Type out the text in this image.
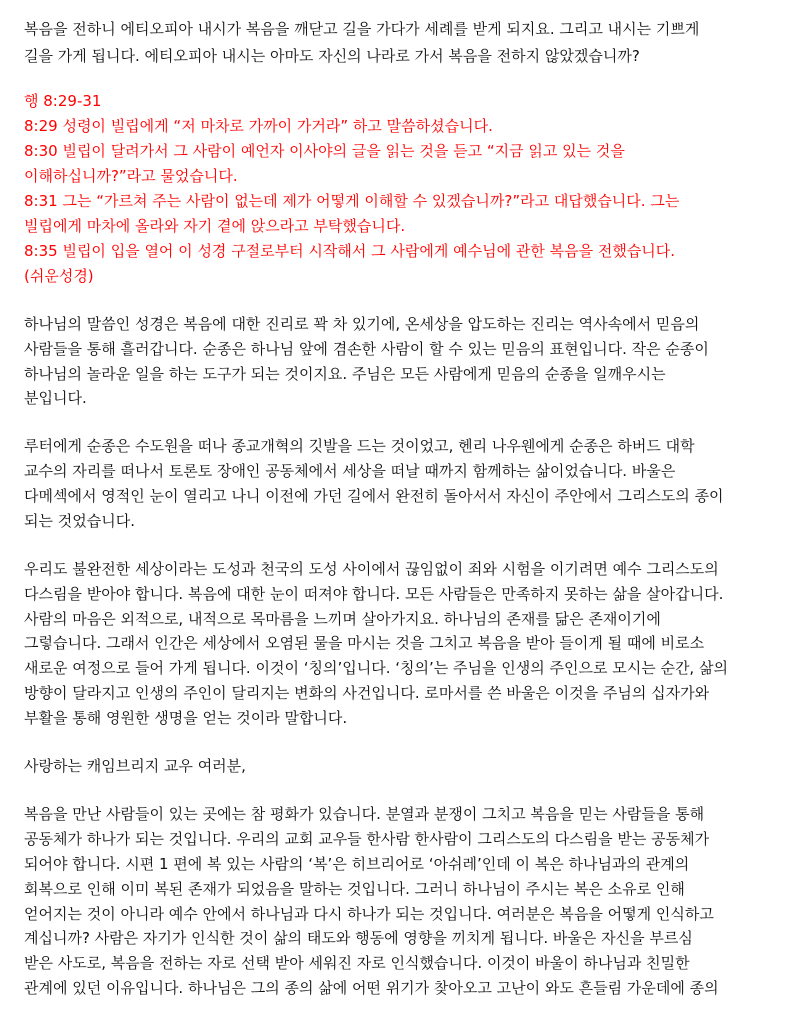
복음을 전하니 에티오피아 내시가 복음을 깨닫고 길을 가다가 세례를 받게 되지요. 그리고 내시는 기쁘게

길을 가게 됩니다. 에티오피아 내시는 아마도 자신의 나라로 가서 복음을 전하지 않았겠습니까?

행 8:29-31

8:29 성령이 빌립에게 “저 마차로 가까이 가거라” 하고 말씀하셨습니다.

8:30 빌립이 달려가서 그 사람이 예언자 이사야의 글을 읽는 것을 듣고 “지금 읽고 있는 것을

이해하십니까?”라고 물었습니다.

8:31 그는 “가르쳐 주는 사람이 없는데 제가 어떻게 이해할 수 있겠습니까?”라고 대답했습니다. 그는

빌립에게 마차에 올라와 자기 곁에 앉으라고 부탁했습니다.

8:35 빌립이 입을 열어 이 성경 구절로부터 시작해서 그 사람에게 예수님에 관한 복음을 전했습니다.

(쉬운성경)

하나님의 말씀인 성경은 복음에 대한 진리로 꽉 차 있기에, 온세상을 압도하는 진리는 역사속에서 믿음의

사람들을 통해 흘러갑니다. 순종은 하나님 앞에 겸손한 사람이 할 수 있는 믿음의 표현입니다. 작은 순종이

하나님의 놀라운 일을 하는 도구가 되는 것이지요. 주님은 모든 사람에게 믿음의 순종을 일깨우시는

분입니다.

루터에게 순종은 수도원을 떠나 종교개혁의 깃발을 드는 것이었고, 헨리 나우웬에게 순종은 하버드 대학

교수의 자리를 떠나서 토론토 장애인 공동체에서 세상을 떠날 때까지 함께하는 삶이었습니다. 바울은

다메섹에서 영적인 눈이 열리고 나니 이전에 가던 길에서 완전히 돌아서서 자신이 주안에서 그리스도의 종이

되는 것었습니다.

우리도 불완전한 세상이라는 도성과 천국의 도성 사이에서 끊임없이 죄와 시험을 이기려면 예수 그리스도의

다스림을 받아야 합니다. 복음에 대한 눈이 떠져야 합니다. 모든 사람들은 만족하지 못하는 삶을 살아갑니다.

사람의 마음은 외적으로, 내적으로 목마름을 느끼며 살아가지요. 하나님의 존재를 닮은 존재이기에

그렇습니다. 그래서 인간은 세상에서 오염된 물을 마시는 것을 그치고 복음을 받아 들이게 될 때에 비로소

새로운 여정으로 들어 가게 됩니다. 이것이 ‘칭의’입니다. ‘칭의’는 주님을 인생의 주인으로 모시는 순간, 삶의

방향이 달라지고 인생의 주인이 달리지는 변화의 사건입니다. 로마서를 쓴 바울은 이것을 주님의 십자가와

부활을 통해 영원한 생명을 얻는 것이라 말합니다.

사랑하는 캐임브리지 교우 여러분,

복음을 만난 사람들이 있는 곳에는 참 평화가 있습니다. 분열과 분쟁이 그치고 복음을 믿는 사람들을 통해

공동체가 하나가 되는 것입니다. 우리의 교회 교우들 한사람 한사람이 그리스도의 다스림을 받는 공동체가

되어야 합니다. 시편 1 편에 복 있는 사람의 ‘복’은 히브리어로 ‘아쉬레’인데 이 복은 하나님과의 관계의

회복으로 인해 이미 복된 존재가 되었음을 말하는 것입니다. 그러니 하나님이 주시는 복은 소유로 인해

얻어지는 것이 아니라 예수 안에서 하나님과 다시 하나가 되는 것입니다. 여러분은 복음을 어떻게 인식하고

계십니까? 사람은 자기가 인식한 것이 삶의 태도와 행동에 영향을 끼치게 됩니다. 바울은 자신을 부르심

받은 사도로, 복음을 전하는 자로 선택 받아 세워진 자로 인식했습니다. 이것이 바울이 하나님과 친밀한

관계에 있던 이유입니다. 하나님은 그의 종의 삶에 어떤 위기가 찾아오고 고난이 와도 흔들림 가운데에 종의
